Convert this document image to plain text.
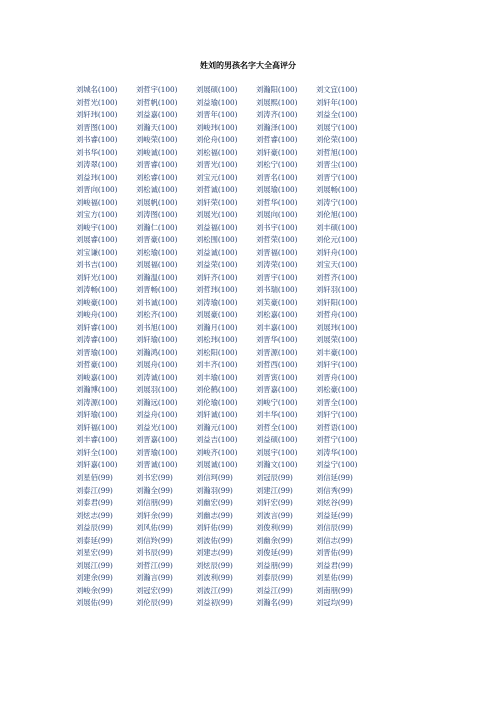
姓刘的男孩名字大全高评分
刘城名(100)	刘哲宇(100)	刘展硕(100)	刘瀚阳(100)	刘文宜(100)
刘哲光(100)	刘哲帆(100)	刘益瑜(100)	刘展熙(100)	刘轩年(100)
刘轩玮(100)	刘益嘉(100)	刘晋年(100)	刘涛齐(100)	刘益全(100)
刘晋图(100)	刘瀚天(100)	刘峻玮(100)	刘瀚泽(100)	刘展宁(100)
刘书睿(100)	刘峻荣(100)	刘伦舟(100)	刘哲睿(100)	刘伦荣(100)
刘书华(100)	刘峻诚(100)	刘松福(100)	刘轩豪(100)	刘哲旭(100)
刘涛翠(100)	刘晋睿(100)	刘晋光(100)	刘松宁(100)	刘晋尘(100)
刘益玮(100)	刘松睿(100)	刘宝元(100)	刘晋名(100)	刘晋宁(100)
刘晋向(100)	刘松诚(100)	刘哲诚(100)	刘展瑜(100)	刘展畅(100)
刘峻福(100)	刘展帆(100)	刘轩荣(100)	刘哲华(100)	刘涛宁(100)
刘宝方(100)	刘涛图(100)	刘展光(100)	刘展向(100)	刘伦旭(100)
刘峻宇(100)	刘瀚仁(100)	刘益福(100)	刘书宇(100)	刘丰硕(100)
刘展睿(100)	刘晋豪(100)	刘松围(100)	刘哲荣(100)	刘伦元(100)
刘宝谦(100)	刘松瑜(100)	刘益诚(100)	刘晋福(100)	刘轩舟(100)
刘书吉(100)	刘展福(100)	刘益荣(100)	刘涛荣(100)	刘宝天(100)
刘轩光(100)	刘瀚温(100)	刘轩齐(100)	刘晋宇(100)	刘哲齐(100)
刘涛畅(100)	刘晋畅(100)	刘哲玮(100)	刘书瑞(100)	刘轩羽(100)
刘峻豪(100)	刘书诚(100)	刘涛瑜(100)	刘芙豪(100)	刘轩阳(100)
刘峻舟(100)	刘松齐(100)	刘展豪(100)	刘松嘉(100)	刘哲舟(100)
刘轩睿(100)	刘书旭(100)	刘瀚月(100)	刘丰嘉(100)	刘展玮(100)
刘涛睿(100)	刘轩瑜(100)	刘松玮(100)	刘晋华(100)	刘展荣(100)
刘晋瑜(100)	刘瀚鸿(100)	刘松阳(100)	刘晋源(100)	刘丰豪(100)
刘哲豪(100)	刘展舟(100)	刘丰齐(100)	刘哲西(100)	刘轩宇(100)
刘峻嘉(100)	刘涛诚(100)	刘丰瑜(100)	刘晋寅(100)	刘晋舟(100)
刘瀚博(100)	刘展羽(100)	刘伦鹤(100)	刘晋嘉(100)	刘松豪(100)
刘涛源(100)	刘瀚远(100)	刘伦瑜(100)	刘峻宁(100)	刘晋全(100)
刘轩瑜(100)	刘益舟(100)	刘轩诚(100)	刘丰华(100)	刘轩宁(100)
刘轩福(100)	刘益光(100)	刘瀚元(100)	刘哲全(100)	刘哲语(100)
刘丰睿(100)	刘晋嘉(100)	刘益吉(100)	刘益硕(100)	刘哲宁(100)
刘轩全(100)	刘晋瑜(100)	刘峻齐(100)	刘展宇(100)	刘涛华(100)
刘轩嘉(100)	刘晋诚(100)	刘展诚(100)	刘瀚文(100)	刘益宁(100)
刘星佰(99)	刘书宏(99)	刘信珂(99)	刘冠辰(99)	刘信延(99)
刘泰江(99)	刘瀚全(99)	刘瀚羽(99)	刘建江(99)	刘信秀(99)
刘泰君(99)	刘信朋(99)	刘幽宏(99)	刘轩宏(99)	刘炫谷(99)
刘炫志(99)	刘轩余(99)	刘幽志(99)	刘波言(99)	刘益延(99)
刘益辰(99)	刘风佑(99)	刘轩佑(99)	刘俊利(99)	刘信辰(99)
刘泰延(99)	刘信羚(99)	刘波佑(99)	刘幽余(99)	刘信志(99)
刘星宏(99)	刘书辰(99)	刘建志(99)	刘俊延(99)	刘晋佑(99)
刘展江(99)	刘哲江(99)	刘炫辰(99)	刘益朋(99)	刘益君(99)
刘建余(99)	刘瀚言(99)	刘波利(99)	刘泰辰(99)	刘星佑(99)
刘峻余(99)	刘冠宏(99)	刘波江(99)	刘益江(99)	刘南朋(99)
刘展佑(99)	刘伦辰(99)	刘益初(99)	刘瀚名(99)	刘冠均(99)
